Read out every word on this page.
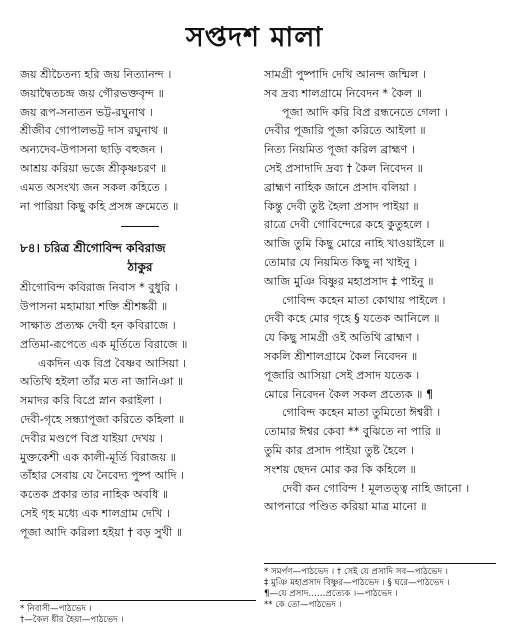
সপ্তদশ মালা
জয় শ্রীচৈতন্য হরি জয় নিত্যানন্দ ।
জয়াদ্বৈতচন্দ্র জয় গৌরভক্তবৃন্দ ॥
জয় রূপ-সনাতন ভট্ট-রঘুনাথ ।
শ্রীজীব গোপালভট্ট দাস রঘুনাথ ॥
অন্যদেব-উপাসনা ছাড়ি বহুজন ।
আশ্রয় করিয়া ভজে শ্রীকৃষ্ণচরণ ॥
এমত অসংখ্য জন সকল কহিতে ।
না পারিয়া কিছু কহি প্রসঙ্গ ক্রমেতে ॥
৮৪। চরিত্র শ্রীগোবিন্দ কবিরাজ
ঠাকুর
শ্রীগোবিন্দ কবিরাজ নিবাস * বুধুরি ।
উপাসনা মহামায়া শক্তি শ্রীশঙ্করী ॥
সাক্ষাত প্রত্যক্ষ দেবী হন কবিরাজে ।
প্রতিমা-রূপেতে এক মূর্তিতে বিরাজে ॥
একদিন এক বিপ্র বৈষ্ণব আসিয়া ।
অতিথি হইলা তাঁর মত না জানিঞা ॥
সমাদর করি বিপ্রে স্নান করাইলা ।
দেবী-গৃহে সন্ধ্যাপূজা করিতে কহিলা ॥
দেবীর মণ্ডপে বিপ্র যাইয়া দেখয় ।
মুক্তকেশী এক কালী-মূর্তি বিরাজয় ॥
তাঁহার সেবায় যে নৈবেদ্য পুষ্প আদি ।
কতেক প্রকার তার নাহিক অবধি ॥
সেই গৃহ মধ্যে এক শালগ্রাম দেখি ।
পূজা আদি করিলা হইয়া † বড় সুখী ॥
সামগ্রী পুষ্পাদি দেখি আনন্দ জন্মিল ।
সব দ্রব্য শালগ্রামে নিবেদন * কৈল ॥
পূজা আদি করি বিপ্র রন্ধনেতে গেলা ।
দেবীর পূজারি পূজা করিতে আইলা ॥
নিত্য নিয়মিত পূজা করিল ব্রাহ্মণ ।
সেই প্রসাদাদি দ্রব্য † কৈল নিবেদন ॥
ব্রাহ্মণ নাহিক জানে প্রসাদ বলিয়া ।
কিন্তু দেবী তুষ্ট হৈলা প্রসাদ পাইয়া ॥
রাত্রে দেবী গোবিন্দেরে কহে কুতুহলে ।
আজি তুমি কিছু মোরে নাহি খাওয়াইলে ॥
তোমার যে নিয়মিত কিছু না খাইনু ।
আজি মুঞি বিষ্ণুর মহাপ্রসাদ ‡ পাইনু ॥
গোবিন্দ কহেন মাতা কোথায় পাইলে ।
দেবী কহে মোর গৃহে § যতেক আনিলে ॥
যে কিছু সামগ্রী ওই অতিথি ব্রাহ্মণ ।
সকলি শ্রীশালগ্রামে কৈল নিবেদন ॥
পূজারি আসিয়া সেই প্রসাদ যতেক ।
মোরে নিবেদন কৈল সকল প্রত্যেক ॥ ¶
গোবিন্দ কহেন মাতা তুমিতো ঈশ্বরী ।
তোমার ঈশ্বর কেবা ** বুঝিতে না পারি ॥
তুমি কার প্রসাদ পাইয়া তুষ্ট হৈলে ।
সংশয় ছেদন মোর কর কি কহিলে ॥
দেবী কন গোবিন্দ ! মূলতত্ত্ব নাহি জানো ।
আপনারে পণ্ডিত করিয়া মাত্র মানো ॥
* সমর্পণ—পাঠভেদ । † সেই যে প্রসাদি সব—পাঠভেদ ।
‡ মুঞি মহাপ্রসাদ বিষ্ণুর—পাঠভেদ । § ঘরে—পাঠভেদ ।
¶—যে প্রসাদ……প্রত্যেক ।—পাঠভেদ ।
** কে তো—পাঠভেদ ।
* নিবাসী—পাঠভেদ ।
†—কৈল ধীর হৈয়া—পাঠভেদ ।
